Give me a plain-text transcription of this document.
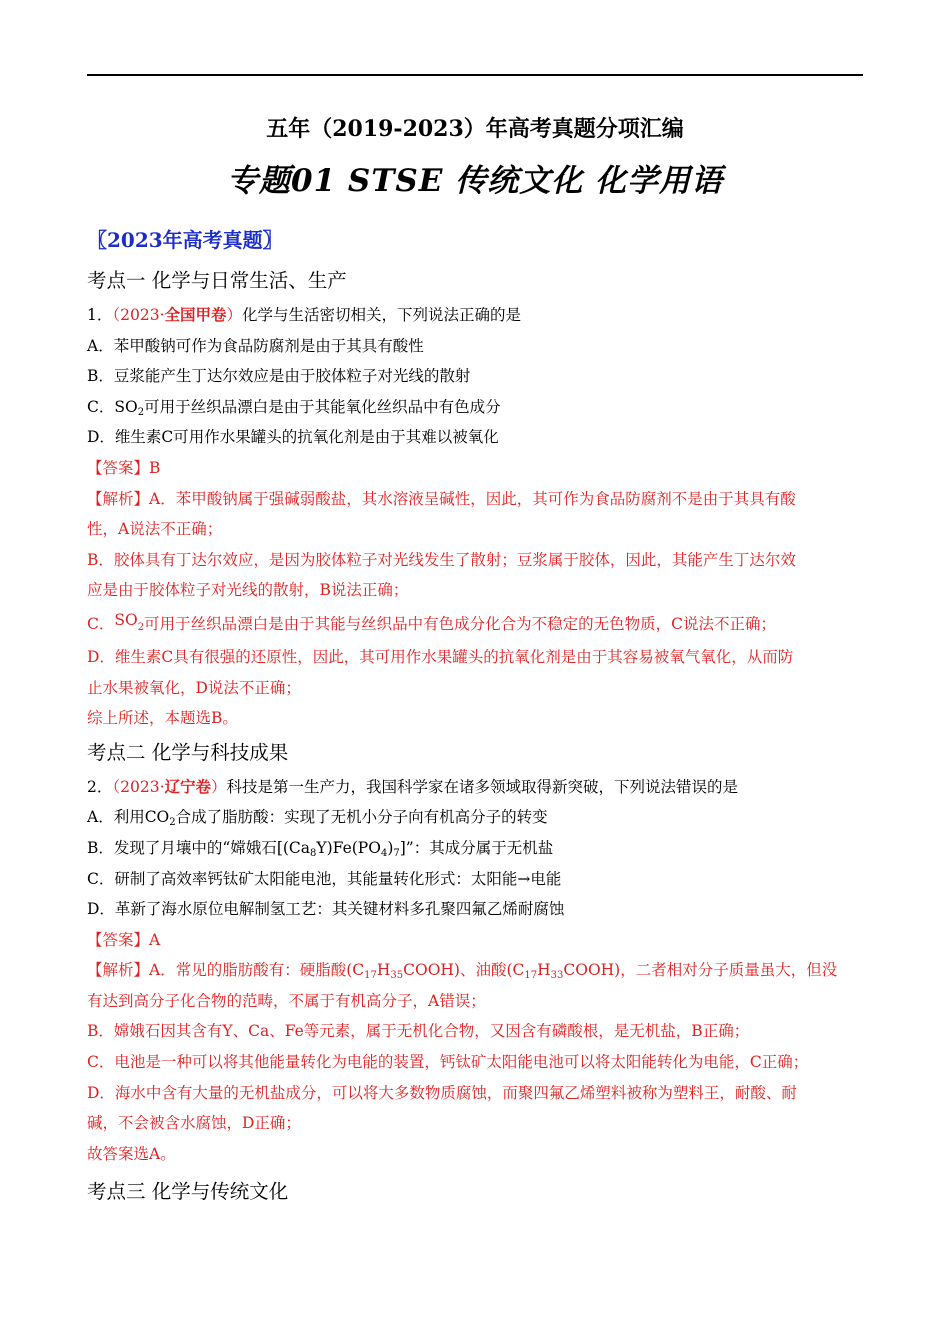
五年（2019-2023）年高考真题分项汇编
专题01 STSE 传统文化 化学用语

〖2023年高考真题〗

考点一 化学与日常生活、生产

1．（2023·全国甲卷）化学与生活密切相关，下列说法正确的是

A．苯甲酸钠可作为食品防腐剂是由于其具有酸性

B．豆浆能产生丁达尔效应是由于胶体粒子对光线的散射

C．$SO_2$可用于丝织品漂白是由于其能氧化丝织品中有色成分

D．维生素C可用作水果罐头的抗氧化剂是由于其难以被氧化

【答案】B

【解析】A．苯甲酸钠属于强碱弱酸盐，其水溶液呈碱性，因此，其可作为食品防腐剂不是由于其具有酸

性，A说法不正确；

B．胶体具有丁达尔效应，是因为胶体粒子对光线发生了散射；豆浆属于胶体，因此，其能产生丁达尔效

应是由于胶体粒子对光线的散射，B说法正确；

C．$SO_2$可用于丝织品漂白是由于其能与丝织品中有色成分化合为不稳定的无色物质，C说法不正确；

D．维生素C具有很强的还原性，因此，其可用作水果罐头的抗氧化剂是由于其容易被氧气氧化，从而防

止水果被氧化，D说法不正确；

综上所述，本题选B。

考点二 化学与科技成果

2．（2023·辽宁卷）科技是第一生产力，我国科学家在诸多领域取得新突破，下列说法错误的是

A．利用$CO_2$合成了脂肪酸：实现了无机小分子向有机高分子的转变

B．发现了月壤中的“嫦娥石$[(Ca_8Y)Fe(PO_4)_7]$”：其成分属于无机盐

C．研制了高效率钙钛矿太阳能电池，其能量转化形式：太阳能→电能

D．革新了海水原位电解制氢工艺：其关键材料多孔聚四氟乙烯耐腐蚀

【答案】A

【解析】A．常见的脂肪酸有：硬脂酸$(C_{17}H_{35}COOH)$、油酸$(C_{17}H_{33}COOH)$，二者相对分子质量虽大，但没

有达到高分子化合物的范畴，不属于有机高分子，A错误；

B．嫦娥石因其含有Y、Ca、Fe等元素，属于无机化合物，又因含有磷酸根，是无机盐，B正确；

C．电池是一种可以将其他能量转化为电能的装置，钙钛矿太阳能电池可以将太阳能转化为电能，C正确；

D．海水中含有大量的无机盐成分，可以将大多数物质腐蚀，而聚四氟乙烯塑料被称为塑料王，耐酸、耐

碱，不会被含水腐蚀，D正确；

故答案选A。

考点三 化学与传统文化
